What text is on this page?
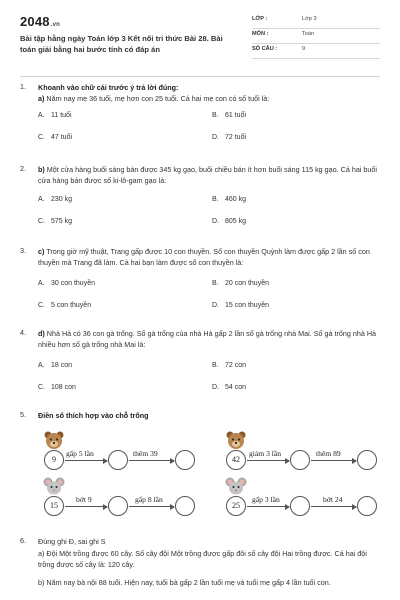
2048.vn
Bài tập hằng ngày Toán lớp 3 Kết nối tri thức Bài 28. Bài toán giải bằng hai bước tính có đáp án
LỚP :	Lớp 3
MÔN :	Toán
SỐ CÂU :	9
1. Khoanh vào chữ cái trước ý trả lời đúng:
a) Năm nay mẹ 36 tuổi, mẹ hơn con 25 tuổi. Cả hai mẹ con có số tuổi là:
A. 11 tuổi	B. 61 tuổi
C. 47 tuổi	D. 72 tuổi
2. b) Một cửa hàng buổi sáng bán được 345 kg gạo, buổi chiều bán ít hơn buổi sáng 115 kg gạo. Cả hai buổi cửa hàng bán được số ki-lô-gam gạo là:
A. 230 kg	B. 460 kg
C. 575 kg	D. 805 kg
3. c) Trong giờ mỹ thuật, Trang gấp được 10 con thuyền. Số con thuyền Quỳnh làm được gấp 2 lần số con thuyền mà Trang đã làm. Cả hai bạn làm được số con thuyền là:
A. 30 con thuyền	B. 20 con thuyền
C. 5 con thuyền	D. 15 con thuyền
4. d) Nhà Hà có 36 con gà trống. Số gà trống của nhà Hà gấp 2 lần số gà trống nhà Mai. Số gà trống nhà Hà nhiều hơn số gà trống nhà Mai là:
A. 18 con	B. 72 con
C. 108 con	D. 54 con
5. Điền số thích hợp vào chỗ trống
9
gấp 5 lần	thêm 39
42
giảm 3 lần	thêm 89
15
bớt 9	gấp 8 lần
25
gấp 3 lần	bớt 24
6. Đúng ghi Đ, sai ghi S
a) Đội Một trồng được 60 cây. Số cây đội Một trồng được gấp đôi số cây đội Hai trồng được. Cả hai đội trồng được số cây là: 120 cây.
b) Năm nay bà nội 88 tuổi. Hiện nay, tuổi bà gấp 2 lần tuổi mẹ và tuổi mẹ gấp 4 lần tuổi con.
